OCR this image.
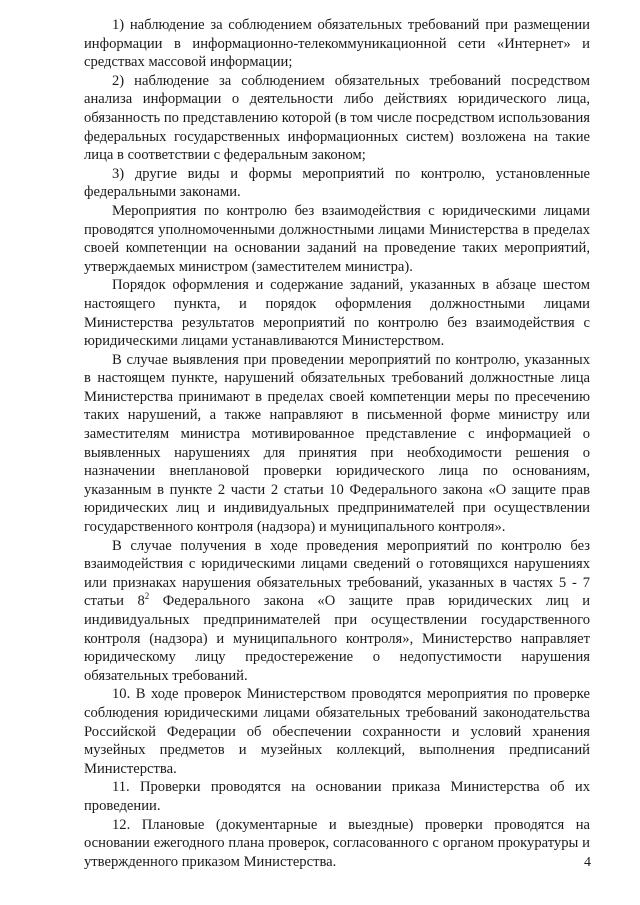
1) наблюдение за соблюдением обязательных требований при размещении информации в информационно-телекоммуникационной сети «Интернет» и средствах массовой информации;

2) наблюдение за соблюдением обязательных требований посредством анализа информации о деятельности либо действиях юридического лица, обязанность по представлению которой (в том числе посредством использования федеральных государственных информационных систем) возложена на такие лица в соответствии с федеральным законом;

3) другие виды и формы мероприятий по контролю, установленные федеральными законами.

Мероприятия по контролю без взаимодействия с юридическими лицами проводятся уполномоченными должностными лицами Министерства в пределах своей компетенции на основании заданий на проведение таких мероприятий, утверждаемых министром (заместителем министра).

Порядок оформления и содержание заданий, указанных в абзаце шестом настоящего пункта, и порядок оформления должностными лицами Министерства результатов мероприятий по контролю без взаимодействия с юридическими лицами устанавливаются Министерством.

В случае выявления при проведении мероприятий по контролю, указанных в настоящем пункте, нарушений обязательных требований должностные лица Министерства принимают в пределах своей компетенции меры по пресечению таких нарушений, а также направляют в письменной форме министру или заместителям министра мотивированное представление с информацией о выявленных нарушениях для принятия при необходимости решения о назначении внеплановой проверки юридического лица по основаниям, указанным в пункте 2 части 2 статьи 10 Федерального закона «О защите прав юридических лиц и индивидуальных предпринимателей при осуществлении государственного контроля (надзора) и муниципального контроля».

В случае получения в ходе проведения мероприятий по контролю без взаимодействия с юридическими лицами сведений о готовящихся нарушениях или признаках нарушения обязательных требований, указанных в частях 5 - 7 статьи $8^2$ Федерального закона «О защите прав юридических лиц и индивидуальных предпринимателей при осуществлении государственного контроля (надзора) и муниципального контроля», Министерство направляет юридическому лицу предостережение о недопустимости нарушения обязательных требований.

10. В ходе проверок Министерством проводятся мероприятия по проверке соблюдения юридическими лицами обязательных требований законодательства Российской Федерации об обеспечении сохранности и условий хранения музейных предметов и музейных коллекций, выполнения предписаний Министерства.

11. Проверки проводятся на основании приказа Министерства об их проведении.

12. Плановые (документарные и выездные) проверки проводятся на основании ежегодного плана проверок, согласованного с органом прокуратуры и утвержденного приказом Министерства.	4
